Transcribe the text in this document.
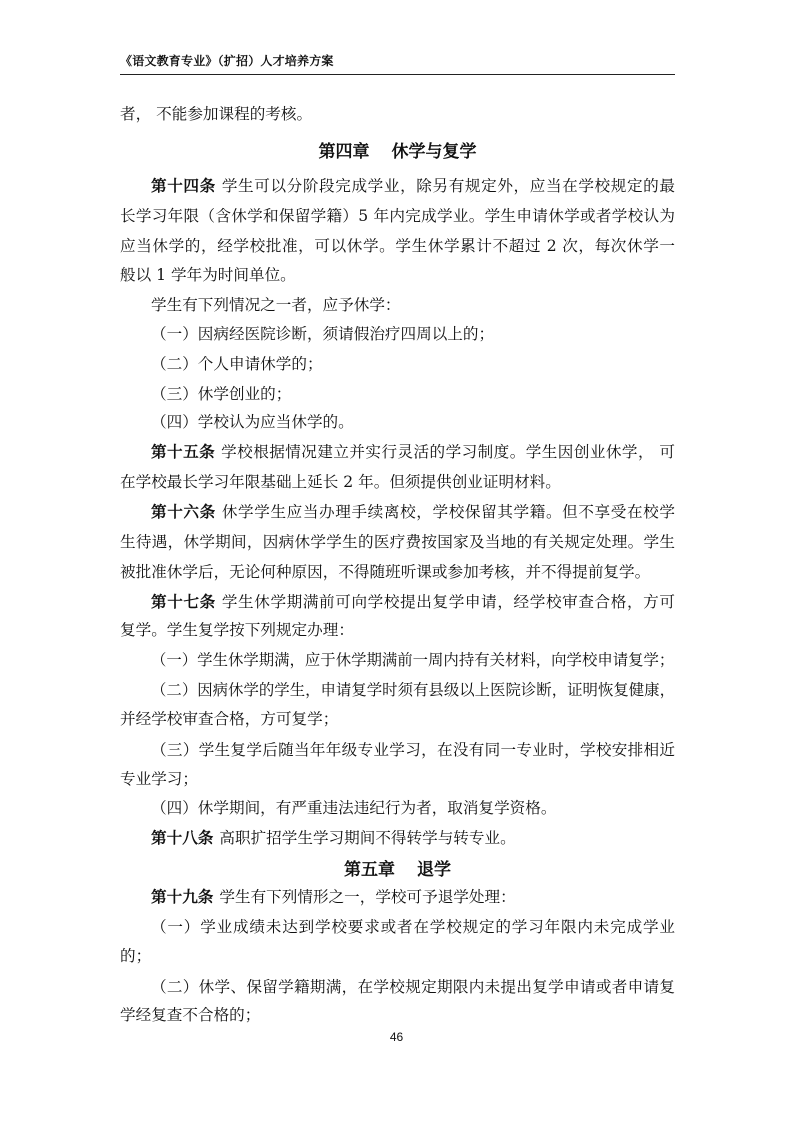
《语文教育专业》（扩招）人才培养方案
者， 不能参加课程的考核。
第四章 休学与复学
第十四条 学生可以分阶段完成学业，除另有规定外，应当在学校规定的最
长学习年限（含休学和保留学籍）5 年内完成学业。学生申请休学或者学校认为
应当休学的，经学校批准，可以休学。学生休学累计不超过 2 次，每次休学一
般以 1 学年为时间单位。
学生有下列情况之一者，应予休学：
（一）因病经医院诊断，须请假治疗四周以上的；
（二）个人申请休学的；
（三）休学创业的；
（四）学校认为应当休学的。
第十五条 学校根据情况建立并实行灵活的学习制度。学生因创业休学， 可
在学校最长学习年限基础上延长 2 年。但须提供创业证明材料。
第十六条 休学学生应当办理手续离校，学校保留其学籍。但不享受在校学
生待遇，休学期间，因病休学学生的医疗费按国家及当地的有关规定处理。学生
被批准休学后，无论何种原因，不得随班听课或参加考核，并不得提前复学。
第十七条 学生休学期满前可向学校提出复学申请，经学校审查合格，方可
复学。学生复学按下列规定办理：
（一）学生休学期满，应于休学期满前一周内持有关材料，向学校申请复学；
（二）因病休学的学生，申请复学时须有县级以上医院诊断，证明恢复健康，
并经学校审查合格，方可复学；
（三）学生复学后随当年年级专业学习，在没有同一专业时，学校安排相近
专业学习；
（四）休学期间，有严重违法违纪行为者，取消复学资格。
第十八条 高职扩招学生学习期间不得转学与转专业。
第五章 退学
第十九条 学生有下列情形之一，学校可予退学处理：
（一）学业成绩未达到学校要求或者在学校规定的学习年限内未完成学业
的；
（二）休学、保留学籍期满，在学校规定期限内未提出复学申请或者申请复
学经复查不合格的；
46
